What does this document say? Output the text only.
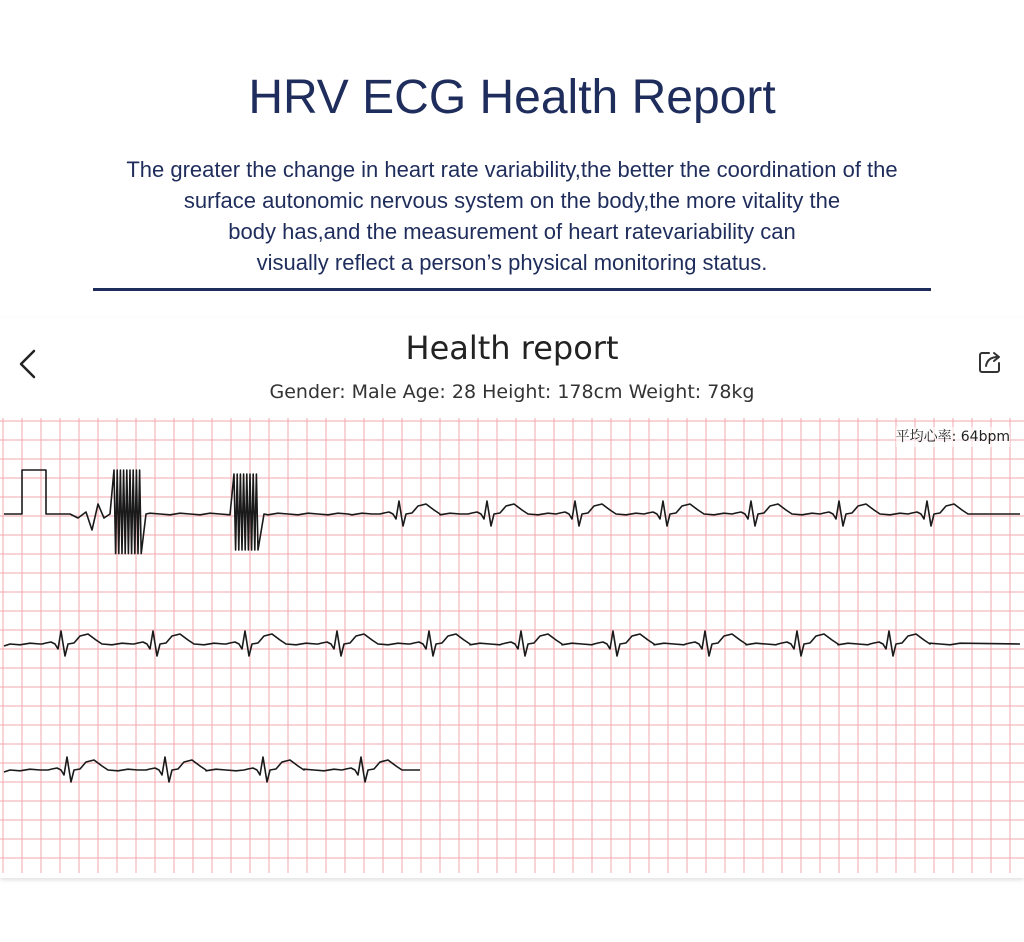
HRV ECG Health Report

The greater the change in heart rate variability,the better the coordination of the
surface autonomic nervous system on the body,the more vitality the
body has,and the measurement of heart ratevariability can
visually reflect a person’s physical monitoring status.

Health report
Gender: Male Age: 28 Height: 178cm Weight: 78kg
平均心率: 64bpm
